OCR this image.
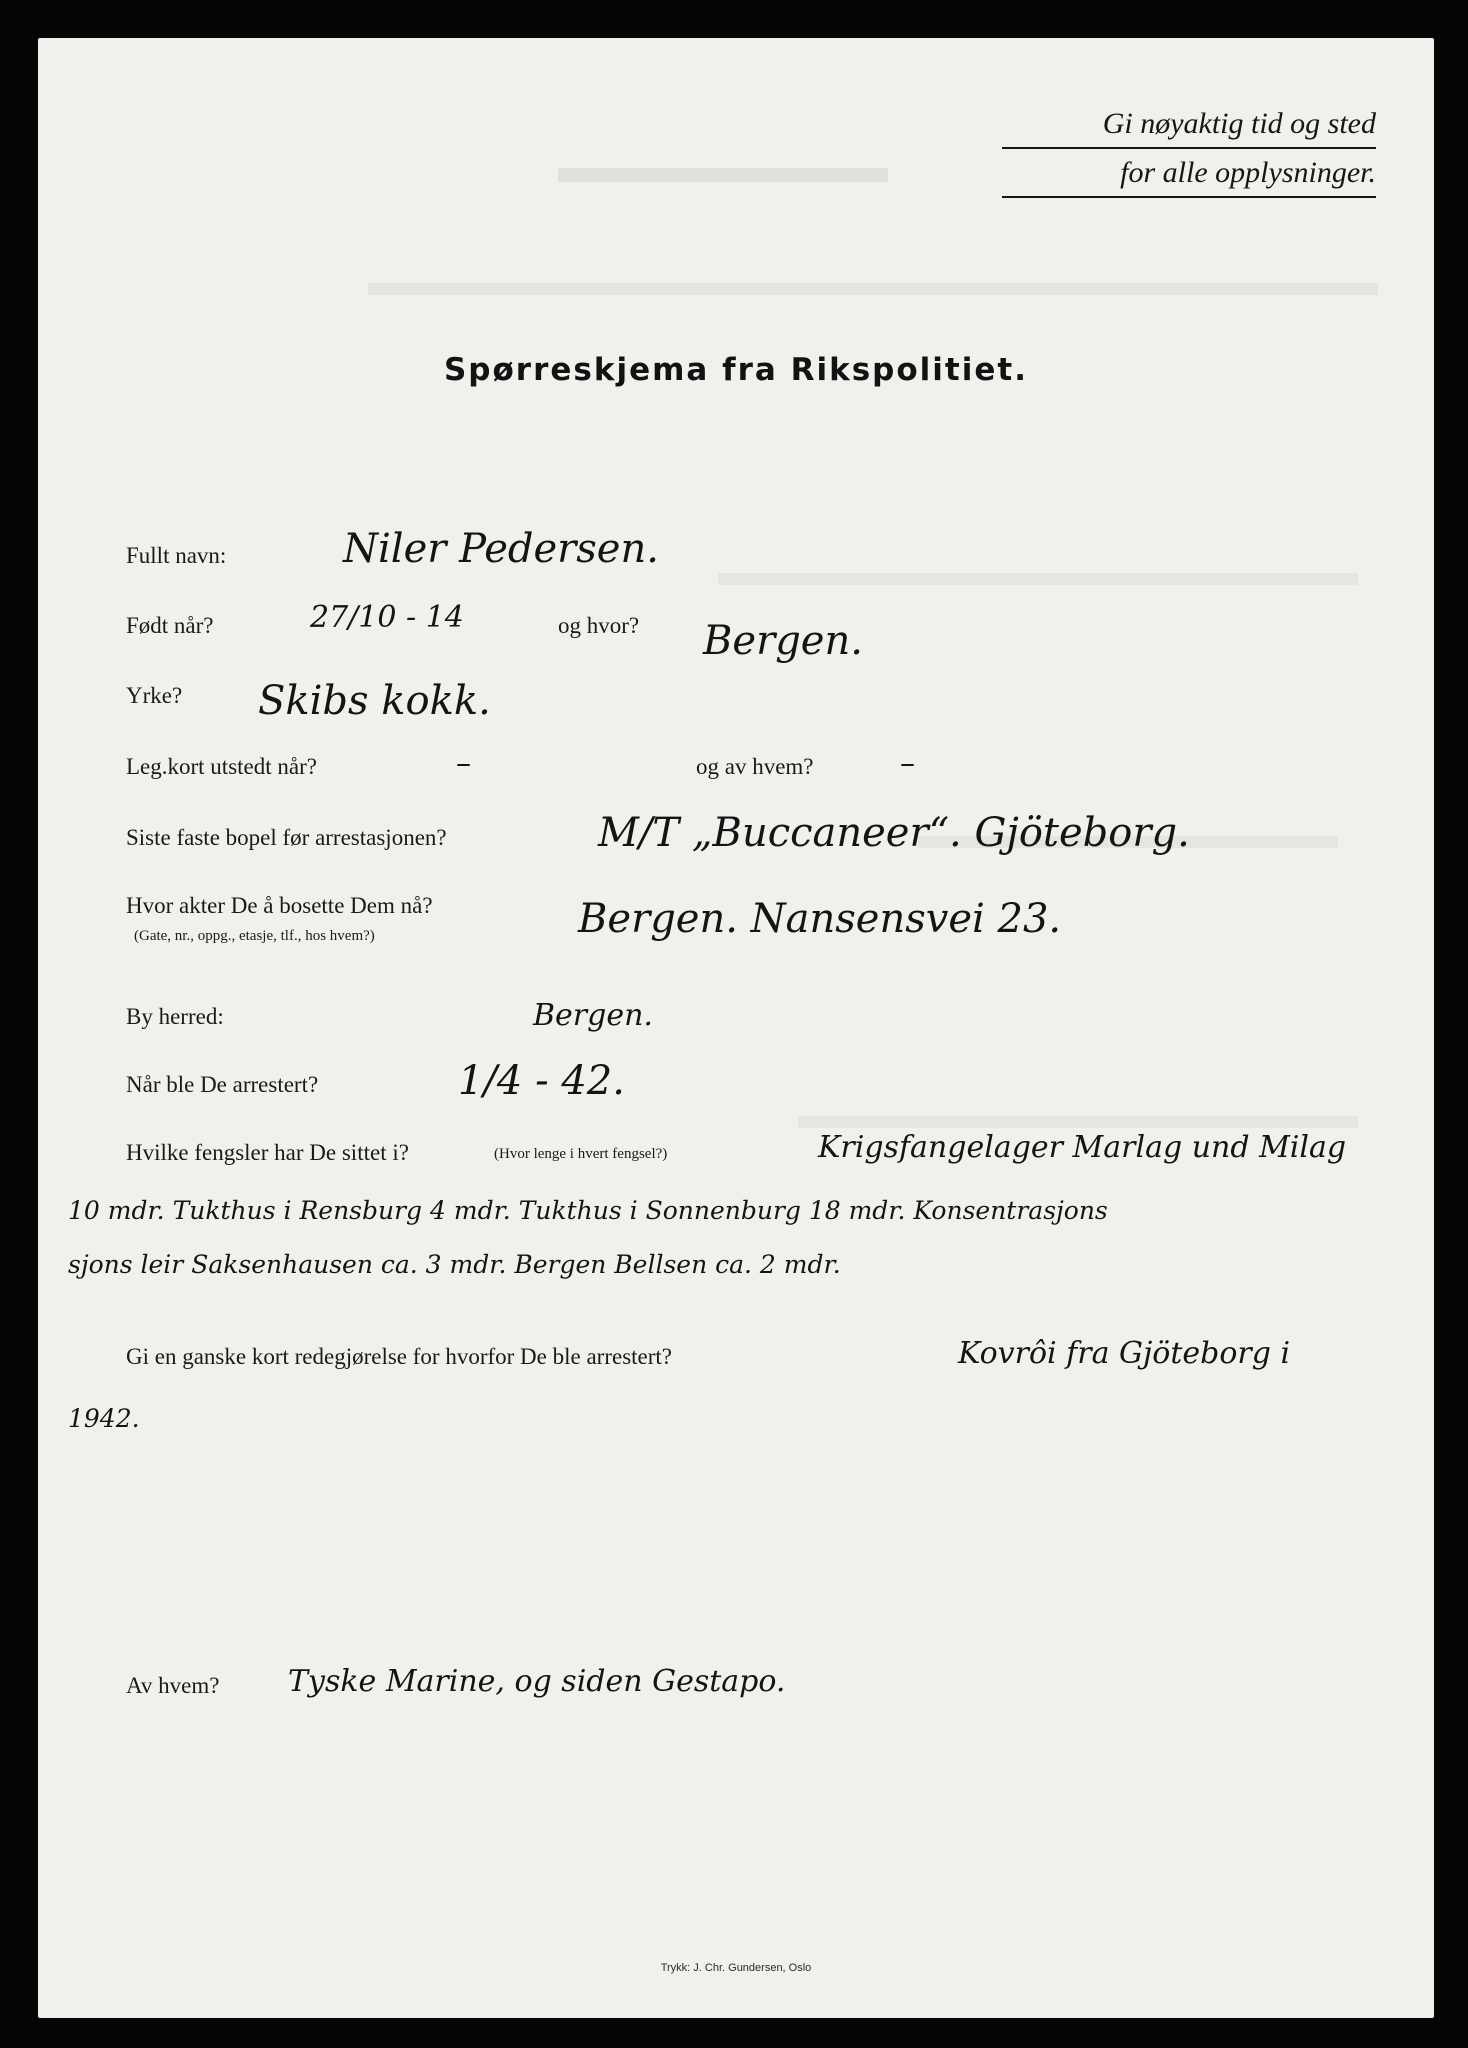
Gi nøyaktig tid og sted
for alle opplysninger.
Spørreskjema fra Rikspolitiet.
Fullt navn:	Niler Pedersen.
Født når?	27/10 - 14	og hvor? Bergen.
Yrke? Skibs kokk.
Leg.kort utstedt når?	–	og av hvem?	–
Siste faste bopel før arrestasjonen?	M/T „Buccaneer“. Gjöteborg.
Hvor akter De å bosette Dem nå?
(Gate, nr., oppg., etasje, tlf., hos hvem?)	Bergen. Nansensvei 23.
By herred:	Bergen.
Når ble De arrestert?	1/4 - 42.
Hvilke fengsler har De sittet i?	(Hvor lenge i hvert fengsel?)	Krigsfangelager Marlag und Milag
10 mdr. Tukthus i Rensburg 4 mdr. Tukthus i Sonnenburg 18 mdr. Konsentrasjons
sjons leir Saksenhausen ca. 3 mdr. Bergen Bellsen ca. 2 mdr.
Gi en ganske kort redegjørelse for hvorfor De ble arrestert?	Kovrôi fra Gjöteborg i
1942.
Av hvem? Tyske Marine, og siden Gestapo.
Trykk: J. Chr. Gundersen, Oslo
